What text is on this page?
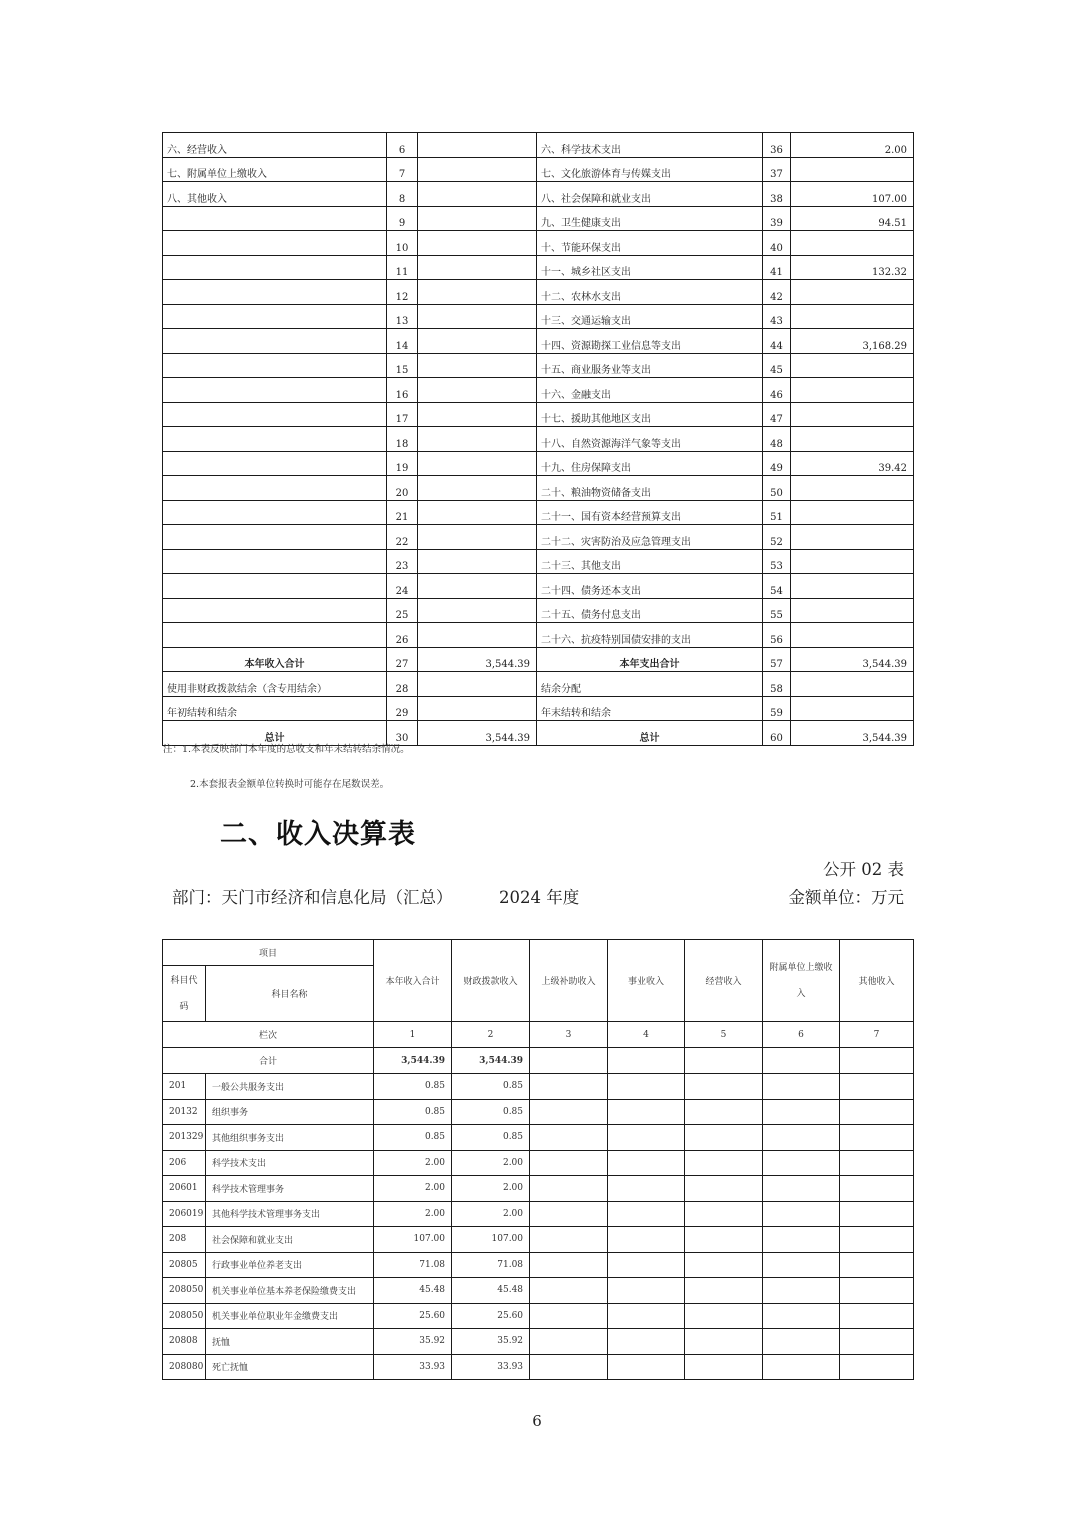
六、经营收入	6		六、科学技术支出	36	2.00
七、附属单位上缴收入	7		七、文化旅游体育与传媒支出	37	
八、其他收入	8		八、社会保障和就业支出	38	107.00
	9		九、卫生健康支出	39	94.51
	10		十、节能环保支出	40	
	11		十一、城乡社区支出	41	132.32
	12		十二、农林水支出	42	
	13		十三、交通运输支出	43	
	14		十四、资源勘探工业信息等支出	44	3,168.29
	15		十五、商业服务业等支出	45	
	16		十六、金融支出	46	
	17		十七、援助其他地区支出	47	
	18		十八、自然资源海洋气象等支出	48	
	19		十九、住房保障支出	49	39.42
	20		二十、粮油物资储备支出	50	
	21		二十一、国有资本经营预算支出	51	
	22		二十二、灾害防治及应急管理支出	52	
	23		二十三、其他支出	53	
	24		二十四、债务还本支出	54	
	25		二十五、债务付息支出	55	
	26		二十六、抗疫特别国债安排的支出	56	
本年收入合计	27	3,544.39	本年支出合计	57	3,544.39
使用非财政拨款结余（含专用结余）	28		结余分配	58	
年初结转和结余	29		年末结转和结余	59	
总计	30	3,544.39	总计	60	3,544.39
注：1.本表反映部门本年度的总收支和年末结转结余情况。
2.本套报表金额单位转换时可能存在尾数误差。
二、收入决算表
公开 02 表
部门：天门市经济和信息化局（汇总）	2024 年度	金额单位：万元
项目		本年收入合计	财政拨款收入	上级补助收入	事业收入	经营收入	附属单位上缴收入	其他收入
科目代码	科目名称							
栏次		1	2	3	4	5	6	7
合计		3,544.39	3,544.39					
201	一般公共服务支出	0.85	0.85					
20132	组织事务	0.85	0.85					
201329	其他组织事务支出	0.85	0.85					
206	科学技术支出	2.00	2.00					
20601	科学技术管理事务	2.00	2.00					
206019	其他科学技术管理事务支出	2.00	2.00					
208	社会保障和就业支出	107.00	107.00					
20805	行政事业单位养老支出	71.08	71.08					
208050	机关事业单位基本养老保险缴费支出	45.48	45.48					
208050	机关事业单位职业年金缴费支出	25.60	25.60					
20808	抚恤	35.92	35.92					
208080	死亡抚恤	33.93	33.93					
6
